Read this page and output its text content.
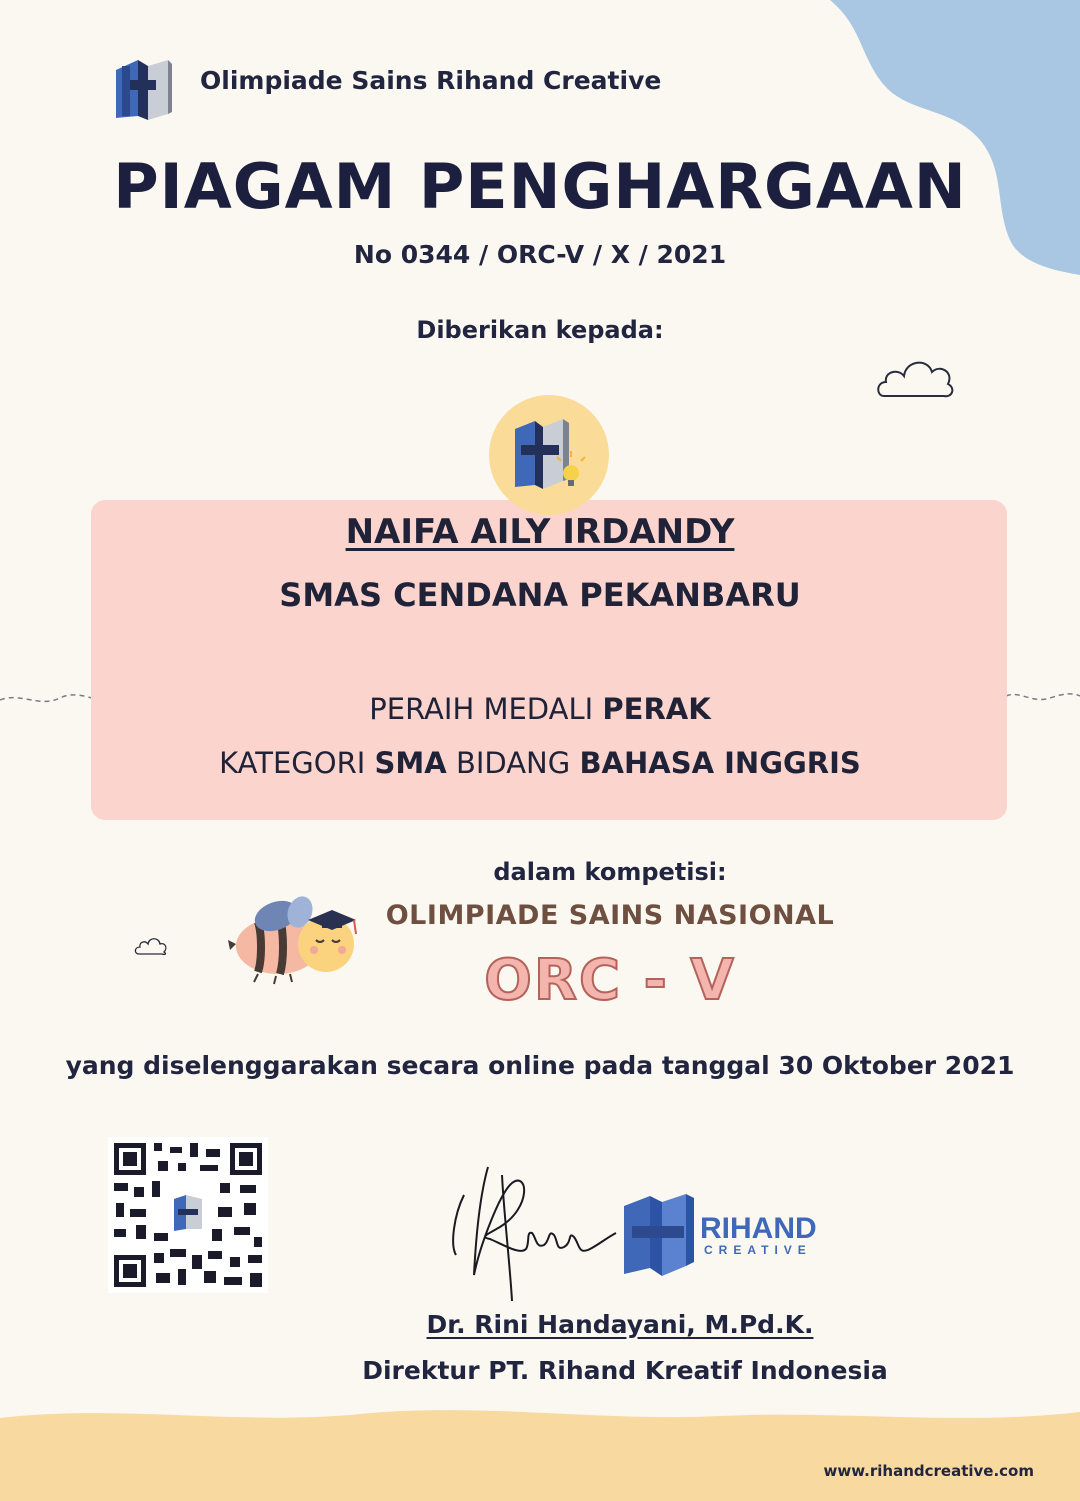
Olimpiade Sains Rihand Creative
PIAGAM PENGHARGAAN
No 0344 / ORC-V / X / 2021
Diberikan kepada:
NAIFA AILY IRDANDY
SMAS CENDANA PEKANBARU
PERAIH MEDALI PERAK
KATEGORI SMA BIDANG BAHASA INGGRIS
dalam kompetisi:
OLIMPIADE SAINS NASIONAL
ORC - V
yang diselenggarakan secara online pada tanggal 30 Oktober 2021
RIHAND
CREATIVE
Dr. Rini Handayani, M.Pd.K.
Direktur PT. Rihand Kreatif Indonesia
www.rihandcreative.com
